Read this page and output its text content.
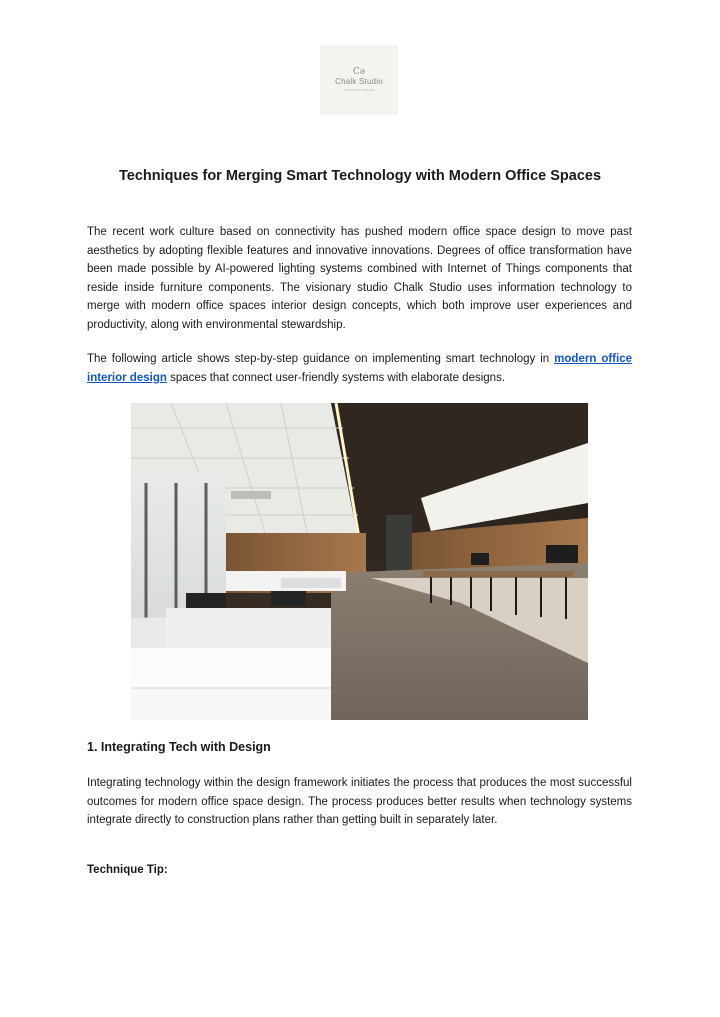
Cə
Chalk Studio
INTERIOR DESIGN
Techniques for Merging Smart Technology with Modern Office Spaces

The recent work culture based on connectivity has pushed modern office space design to move past aesthetics by adopting flexible features and innovative innovations. Degrees of office transformation have been made possible by AI-powered lighting systems combined with Internet of Things components that reside inside furniture components. The visionary studio Chalk Studio uses information technology to merge with modern office spaces interior design concepts, which both improve user experiences and productivity, along with environmental stewardship.

The following article shows step-by-step guidance on implementing smart technology in modern office interior design spaces that connect user-friendly systems with elaborate designs.

1. Integrating Tech with Design

Integrating technology within the design framework initiates the process that produces the most successful outcomes for modern office space design. The process produces better results when technology systems integrate directly to construction plans rather than getting built in separately later.

Technique Tip:
